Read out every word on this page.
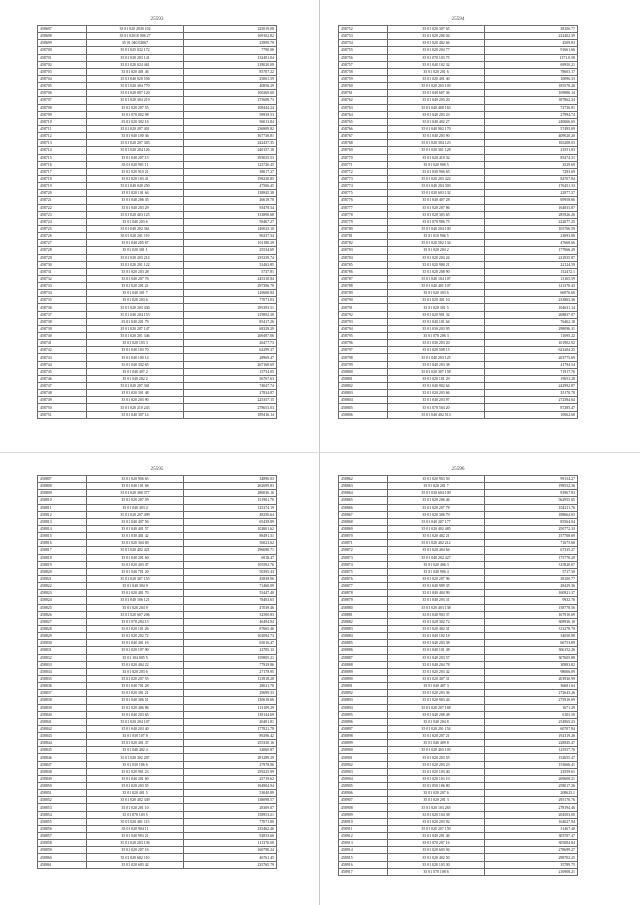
25593
458697	35 01 020 2030 102	225019.08
458698	35 01 02010 006 27	169102.82
458699	35 01 040 02067	25890.79
458700	35 01 025 032 172	7790.06
458701	35 01 020 203 141	132401.04
458702	35 01 020 024 461	218020.08
458703	35 01 020 401 46	85707.22
458704	35 01 040 020 556	25061.59
458705	35 01 020 304 770	40856.29
458706	35 01 020 007 120	100269.60
458707	35 01 020 304 219	275608.73
458708	35 01 020 207 55	108444.24
458709	35 01 070 002 98	58939.53
458710	35 01 020 302 16	56013.84
458711	35 01 020 207 401	236909.82
458712	35 01 040 100 36	167730.81
458713	35 01 020 207 303	242437.35
458714	35 01 020 204 126	240157.16
458715	35 01 040 207 15	293025.53
458716	35 01 020 901 11	123720.45
458717	35 01 020 910 21	38017.27
458718	35 01 020 103 41	198230.85
458719	35 01 040 040 250	47506.45
458720	35 01 020 101 64	138845.38
458721	35 01 040 206 35	26618.70
458722	35 01 040 203 29	93478.34
458723	35 01 020 403 125	133890.68
458724	35 01 040 203 6	58467.27
458725	35 01 040 202 361	140023.10
458726	35 01 020 201 119	90237.34
458727	35 01 040 205 67	161180.29
458728	35 01 020 301 1	25534.69
458729	35 01 020 203 214	235239.74
458730	35 01 020 201 122	52463.85
458731	35 01 020 203 28	5737.81
458732	35 01 040 207 76	245310.84
458733	35 01 020 201 21	297396.78
458734	35 01 040 301 7	120600.84
458735	35 01 020 203 6	77071.03
458736	35 01 020 203 430	295393.51
458737	35 01 040 204 153	219892.38
458738	35 01 040 201 79	85417.26
458739	35 01 020 207 147	68329.29
458740	35 01 020 201 346	269497.06
458741	35 01 020 103 3	26477.73
458742	35 01 040 103 70	62299.37
458743	35 01 040 100 14	28969.47
458744	35 01 040 302 65	267168.69
458745	35 01 040 407 2	15754.05
458746	35 01 040 202 2	56767.63
458747	35 01 020 207 301	74047.74
458748	35 01 020 301 48	27834.87
458749	35 01 020 203 90	225357.15
458750	35 01 020 210 243	278653.03
458751	35 01 040 307 14	189416.14
25594
458752	35 01 020 307 65	38106.77
458753	35 01 020 206 04	222402.39
458754	35 01 020 402 66	4509.83
458755	35 01 020 204 77	91661.66
458756	35 01 070 103 75	1371.0.58
458757	35 01 040 102 32	69950.21
458758	35 01 020 201 6	78603.17
458759	35 01 020 401 40	10096.33
458760	35 01 020 203 105	185578.26
458761	35 01 040 607 36	109886.14
458762	35 01 040 203 20	397862.34
458763	35 01 040 408 163	72736.81
458764	35 01 040 203 23	27994.74
458765	35 01 040 402 27	240666.65
458766	35 01 040 902 170	57495.09
458767	35 01 040 203 90	409020.20
458768	35 01 020 304 123	165208.03
458769	35 01 020 301 128	23551.93
458770	35 01 020 410 32	85474.31
458771	35 01 020 906 5	3529.69
458772	35 01 030 906 65	7293.69
458773	35 01 020 203 422	84707.84
458774	35 01 040 204 303	176451.33
458775	35 01 020 603 132	22977.37
458776	35 01 040 407 28	69958.66
458777	35 01 020 207 86	164833.87
458778	35 01 020 303 65	285926.26
458779	35 01 070 906 75	222677.25
458780	35 01 040 204 100	105766.59
458781	35 01 010 906 5	23093.06
458782	35 01 020 502 134	47668.66
458783	35 01 020 204 2	177066.29
458784	35 01 020 204 24	221835.87
458785	35 01 020 900 21	22124.59
458786	35 01 020 208 90	152472.1
458787	35 01 040 104 107	13165.59
458788	35 01 040 401 107	121370.43
458789	35 01 020 303 6	66976.60
458790	35 01 020 401 10	233863.36
458791	35 01 020 301 5	104631.14
458792	35 01 020 901 32	268837.07
458793	35 01 040 101 64	76462.18
458794	35 01 030 203 95	298096.31
458795	35 01 070 206 3	11095.22
458796	35 01 030 203 20	101902.92
458797	35 01 020 508 15	623204.25
458798	35 01 040 203 125	203775.69
458799	35 01 040 203 38	41794.54
458800	35 01 020 307 158	71917.76
458801	35 01 020 101 29	19653.28
458802	35 01 040 902 64	242992.87
458803	35 01 020 203 66	35170.78
458804	35 01 040 203 97	272584.64
458805	35 01 070 504 20	87285.47
458806	35 01 040 402 513	10062.68
25595
458807	35 01 020 906 65	34890.03
458808	35 01 040 101 68	262699.83
458809	35 01 020 300 377	286036.16
458810	35 01 020 207 59	151901.70
458811	35 01 040 403 4	125374.19
458812	35 01 020 207 499	48250.64
458813	35 01 040 407 56	65439.89
458814	35 01 040 401 57	102601.62
458815	35 01 030 401 42	88491.31
458816	35 01 020 304 69	56023.62
458817	35 01 020 402 421	296698.71
458818	35 01 040 201 60	6918.47
458819	35 01 020 403 47	105592.76
458820	35 01 040 701 20	50395.43
458821	35 01 020 307 155	45838.96
458822	35 01 040 304 9	71460.09
458823	35 01 020 401 70	53447.40
458824	35 01 040 106 121	78403.63
458825	35 01 020 204 9	47039.46
458826	35 01 020 607 206	32500.83
458827	35 01 070 204 15	46494.94
458828	35 01 020 101 26	87665.46
458829	35 01 020 202 72	102094.73
458830	35 01 040 401 16	65016.47
458831	35 01 020 107 90	22785.13
458832	35 01 104 005 5	159805.21
458833	35 01 020 404 22	77929.86
458834	35 01 020 203 6	27178.95
458835	35 01 020 207 55	113918.28
458836	35 01 040 701 28	28021.76
458837	35 01 020 301 21	29699.33
458838	35 01 040 306 51	130618.66
458839	35 01 020 406 86	113109.29
458840	35 01 040 203 65	138144.69
458841	35 01 020 204 107	20401.81
458842	35 01 040 203 40	177821.78
458843	35 01 030 107 8	89296.42
458844	35 01 020 401 37	255330.16
458845	35 01 040 402 4	32060.87
458846	35 01 020 302 207	281289.29
458847	35 01 030 106 6	27978.06
458848	35 01 020 901 23	259225.99
458849	35 01 040 201 60	25719.62
458850	35 01 020 203 55	164904.94
458851	35 01 020 401 5	53040.89
458852	35 01 020 402 349	138098.57
458853	35 01 020 201 10	28309.07
458854	35 01 070 103 5	158953.21
458855	35 01 020 401 115	77071.80
458856	35 01 020 904 11	235462.46
458857	35 01 040 903 21	92833.66
458858	35 01 020 203 136	111376.08
458859	35 01 020 207 16	160798.24
458860	35 01 020 602 110	46761.45
458861	35 01 020 603 42	235765.79
25596
458862	35 01 020 903 50	99154.27
458863	35 01 020 201 7	198552.36
458864	35 01 030 604 109	83967.83
458865	35 01 020 206 46	562955.65
458866	35 01 020 207 78	104211.76
458867	35 01 020 306 79	188664.03
458868	35 01 040 207 177	85564.04
458869	35 01 020 402 485	250772.33
458870	35 01 020 402 21	157708.69
458871	35 01 020 402 212	71675.68
458872	35 01 020 404 64	67335.27
458873	35 01 040 202 427	175770.29
458874	35 01 020 406 3	315820.67
458875	35 01 040 906 4	5717.30
458876	35 01 020 207 96	38100.77
458877	35 01 040 909 35	28429.36
458878	35 01 040 404 99	160921.37
458879	35 01 040 203 31	9932.76
458880	35 01 020 403 138	158778.56
458881	35 01 040 903 37	167910.69
458882	35 01 020 302 72	308936.10
458883	35 01 020 402 31	313278.70
458884	35 01 040 102 18	34050.88
458885	35 01 040 203 38	66753.89
458886	35 01 040 101 38	306152.26
458887	35 01 040 203 57	307605.88
458888	35 01 040 204 78	30883.82
458889	35 01 020 203 42	98066.09
458890	35 01 020 407 31	203930.99
458891	35 01 040 407 3	36681.64
458892	35 01 020 203 36	272643.26
458893	35 01 020 903 44	275910.69
458894	35 01 020 207 168	1671.29
458895	35 01 040 208 48	6103.50
458896	35 01 040 204 8	254965.23
458897	35 01 020 201 154	60707.84
458898	35 01 020 207 21	192319.26
458899	35 01 040 409 8	228845.47
458900	35 01 020 403 105	125557.76
458901	35 01 020 203 55	152655.47
458902	35 01 020 203 23	153066.41
458903	35 01 020 103 40	23559.61
458904	35 01 020 103 10	269608.21
458905	35 01 050 106 80	258017.26
458906	35 01 020 207 6	208623.1
458907	35 01 020 201 3	295170.76
458908	35 01 020 103 265	278194.46
458909	35 01 020 104 38	204503.00
458910	35 01 020 203 92	164627.94
458911	35 01 020 207 159	31467.40
458912	35 01 040 201 46	305707.47
458913	35 01 070 207 16	305084.84
458914	35 01 020 603 94	278699.27
458915	35 01 020 402 50	298702.25
458916	35 01 020 103 30	35789.75
458917	35 01 070 108 6	216908.21
